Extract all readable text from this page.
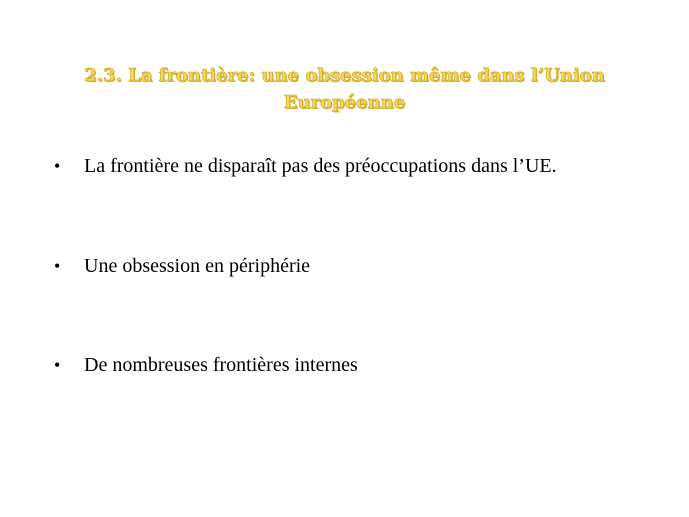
2.3. La frontière: une obsession même dans l’Union
Européenne
•	La frontière ne disparaît pas des préoccupations dans l’UE.
•	Une obsession en périphérie
•	De nombreuses frontières internes
